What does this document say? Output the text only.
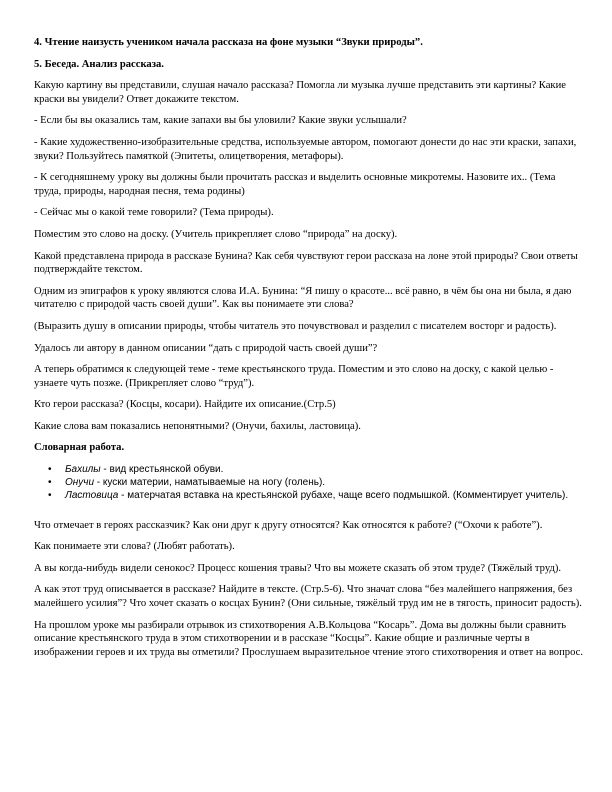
4. Чтение наизусть учеником начала рассказа на фоне музыки “Звуки природы”.

5. Беседа. Анализ рассказа.

Какую картину вы представили, слушая начало рассказа? Помогла ли музыка лучше представить эти картины? Какие краски вы увидели? Ответ докажите текстом.

- Если бы вы оказались там, какие запахи вы бы уловили? Какие звуки услышали?

- Какие художественно-изобразительные средства, используемые автором, помогают донести до нас эти краски, запахи, звуки? Пользуйтесь памяткой (Эпитеты, олицетворения, метафоры).

- К сегодняшнему уроку вы должны были прочитать рассказ и выделить основные микротемы. Назовите их.. (Тема труда, природы, народная песня, тема родины)

- Сейчас мы о какой теме говорили? (Тема природы).

Поместим это слово на доску. (Учитель прикрепляет слово “природа” на доску).

Какой представлена природа в рассказе Бунина? Как себя чувствуют герои рассказа на лоне этой природы? Свои ответы подтверждайте текстом.

Одним из эпиграфов к уроку являются слова И.А. Бунина: “Я пишу о красоте... всё равно, в чём бы она ни была, я даю читателю с природой часть своей души”. Как вы понимаете эти слова?

(Выразить душу в описании природы, чтобы читатель это почувствовал и разделил с писателем восторг и радость).

Удалось ли автору в данном описании “дать с природой часть своей души”?

А теперь обратимся к следующей теме - теме крестьянского труда. Поместим и это слово на доску, с какой целью - узнаете чуть позже. (Прикрепляет слово “труд”).

Кто герои рассказа? (Косцы, косари). Найдите их описание.(Стр.5)

Какие слова вам показались непонятными? (Онучи, бахилы, ластовица).

Словарная работа.

• Бахилы - вид крестьянской обуви.
• Онучи - куски материи, наматываемые на ногу (голень).
• Ластовица - матерчатая вставка на крестьянской рубахе, чаще всего подмышкой. (Комментирует учитель).

Что отмечает в героях рассказчик? Как они друг к другу относятся? Как относятся к работе? (“Охочи к работе”).

Как понимаете эти слова? (Любят работать).

А вы когда-нибудь видели сенокос? Процесс кошения травы? Что вы можете сказать об этом труде? (Тяжёлый труд).

А как этот труд описывается в рассказе? Найдите в тексте. (Стр.5-6). Что значат слова “без малейшего напряжения, без малейшего усилия”? Что хочет сказать о косцах Бунин? (Они сильные, тяжёлый труд им не в тягость, приносит радость).

На прошлом уроке мы разбирали отрывок из стихотворения А.В.Кольцова “Косарь”. Дома вы должны были сравнить описание крестьянского труда в этом стихотворении и в рассказе “Косцы”. Какие общие и различные черты в изображении героев и их труда вы отметили? Прослушаем выразительное чтение этого стихотворения и ответ на вопрос.
